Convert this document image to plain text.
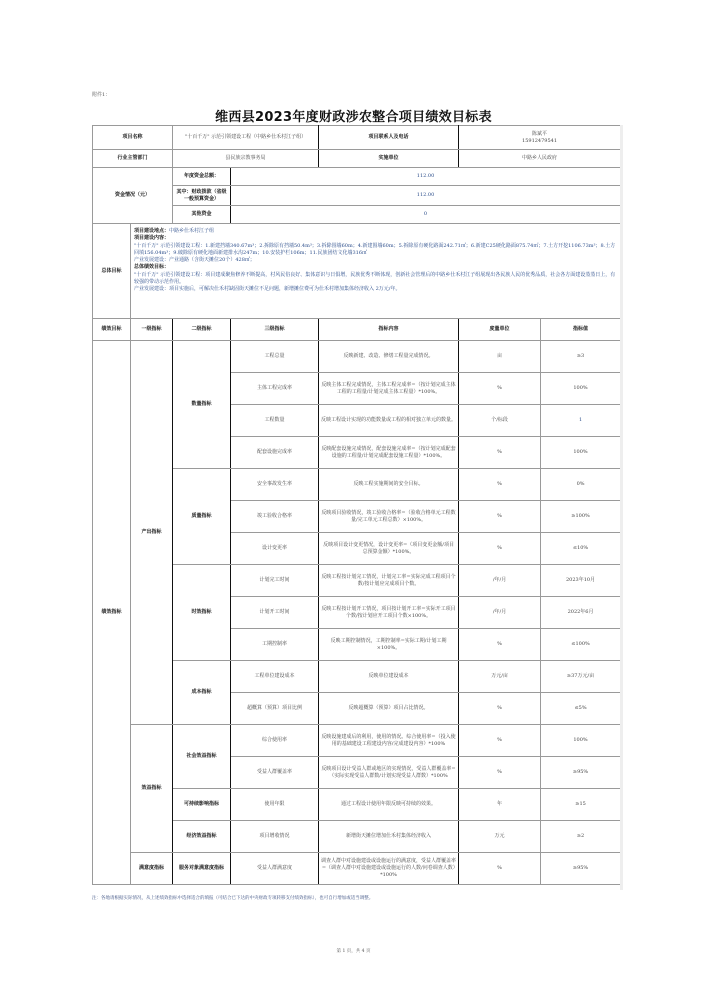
附件1：
维西县2023年度财政涉农整合项目绩效目标表
项目名称		"十百千万" 示范引领建设工程（中路乡仕禾村江子组）		项目联系人及电话	陈斌平
15912479541	

行业主管部门		县民族宗教事务局		实施单位	中路乡人民政府	
资金情况（元）		年度资金总额：	112.00			
		其中：财政拨款（省级一般预算资金）	112.00			
		其他资金	0			
总体目标	

项目建设地点：中路乡仕禾村江子组

项目建设内容：

"十百千万" 示范引领建设工程：1.新建挡墙340.67m³；2.拆除原有挡墙50.4m³；3.拆除围墙60m；4.新建围墙60m；5.拆除原有硬化路面242.71㎡；6.新建C25硬化路面875.74㎡；7.土方开挖1106.73m³；8.土方回填156.04m³；9.破除原有硬化地面新建排水沟247m；10.安装护栏106m；11.民族团结文化墙316㎡

产业发展建设：产业通路（含街天摊位20个）428㎡；

总体绩效目标：

"十百千万" 示范引领建设工程：项目建成聚焦修养不断提高，村风民俗良好、集体意识与日俱增，民族优秀不断体现，创新社会管理后的中路乡仕禾村江子组展现出各民族人民的优秀品质，社会各方面建设蒸蒸日上，有较强的带动示范作用。

产业发展建设：项目实施后，可解决仕禾村缺固街天摊位不足问题，新增摊位费可为仕禾村增加集体经济收入 2万元/年。

绩效目标	一级指标	二级指标	三级指标	指标内容	度量单位	指标值
绩效指标	产出指标	数量指标	工程总量	反映新建、改造、修缮工程量完成情况。	亩	≥3
			主体工程完成率	反映主体工程完成情况，主体工程完成率=（按计划完成主体工程的工程量/计划完成主体工程量）*100%。	%	100%
			工程数量	反映工程设计实现的功能数量或工程的相对独立单元的数量。	个/标段	1
			配套设施完成率	反映配套设施完成情况，配套设施完成率=（按计划完成配套设施的工程量/计划完成配套设施工程量）*100%。	%	100%
		质量指标	安全事故发生率	反映工程实施期间的安全目标。	%	0%
			竣工验收合格率	反映项目验收情况，竣工验收合格率=（验收合格单元工程数量/完工单元工程总数）×100%。	%	≥100%
			设计变更率	反映项目设计变更情况，设计变更率=（项目变更金额/项目总预算金额）*100%。	%	≤10%
		时效指标	计划完工时间	反映工程按计划完工情况，计划完工率=实际完成工程项目个数/按计划应完成项目个数。	/年/月	2023年10月
			计划开工时间	反映工程按计划开工情况，项目按计划开工率=实际开工项目个数/按计划应开工项目个数×100%。	/年/月	2022年6月
			工期控制率	反映工期控制情况，工期控制率=实际工期/计划工期×100%。	%	≤100%
		成本指标	工程单位建设成本	反映单位建设成本	万元/亩	≥37万元/亩
			超概算（预算）项目比例	反映超概算（预算）项目占比情况。	%	≤5%
	效益指标	社会效益指标	综合使用率	反映设施建成后的利用，使用的情况。综合使用率=（投入使用的基础建设工程建设内容/完成建设内容）*100%	%	100%
			受益人群覆盖率	反映项目设计受益人群或地区的实现情况，受益人群覆盖率=（实际实现受益人群数/计划实现受益人群数）*100%	%	≥95%
		可持续影响指标	使用年限	通过工程设计使用年限反映可持续的效果。	年	≥15
		经济效益指标	项目增收情况	新增街天摊位增加仕禾村集体经济收入	万元	≥2
	满意度指标	服务对象满意度指标	受益人群满意度	调查人群中对设施建设或设施运行的满意度，受益人群覆盖率=（调查人群中对设施建设或设施运行的人数/问卷调查人数）*100%	%	≥95%
注：各地请根据实际情况，从上述绩效指标中选择适合的填报（可结合已下达的中央财政专项转移支付绩效指标），也可自行增加或适当调整。
第 1 页，共 4 页
